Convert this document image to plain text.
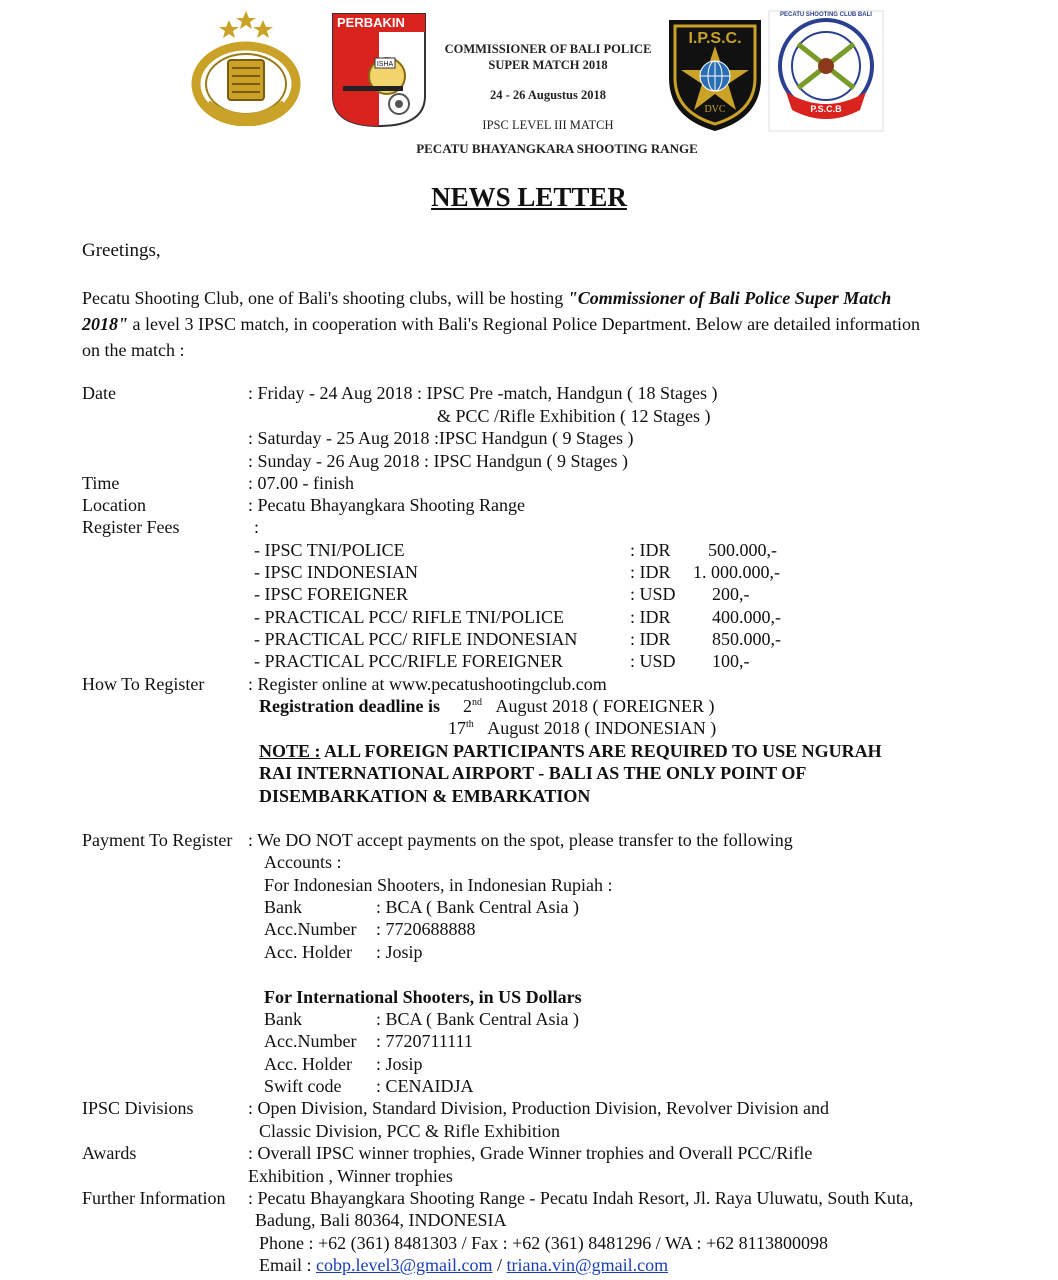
ISHA
PERBAKIN
COMMISSIONER OF BALI POLICE
SUPER MATCH 2018
24 - 26 Augustus 2018
IPSC LEVEL III MATCH
PECATU BHAYANGKARA SHOOTING RANGE
I.P.S.C.
DVC
PECATU SHOOTING CLUB BALI
P.S.C.B
NEWS LETTER
Greetings,
Pecatu Shooting Club, one of Bali's shooting clubs, will be hosting "Commissioner of Bali Police Super Match
2018" a level 3 IPSC match, in cooperation with Bali's Regional Police Department. Below are detailed information
on the match :
Date	: Friday - 24 Aug 2018 : IPSC Pre -match, Handgun ( 18 Stages )
& PCC /Rifle Exhibition ( 12 Stages )
: Saturday - 25 Aug 2018 :IPSC Handgun ( 9 Stages )
: Sunday - 26 Aug 2018 : IPSC Handgun ( 9 Stages )
Time	: 07.00 - finish
Location	: Pecatu Bhayangkara Shooting Range
Register Fees	:
- IPSC TNI/POLICE	: IDR 500.000,-
- IPSC INDONESIAN	: IDR 1. 000.000,-
- IPSC FOREIGNER	: USD 200,-
- PRACTICAL PCC/ RIFLE TNI/POLICE	: IDR 400.000,-
- PRACTICAL PCC/ RIFLE INDONESIAN	: IDR 850.000,-
- PRACTICAL PCC/RIFLE FOREIGNER	: USD 100,-
How To Register : Register online at www.pecatushootingclub.com
Registration deadline is 2nd August 2018 ( FOREIGNER )
17th August 2018 ( INDONESIAN )
NOTE : ALL FOREIGN PARTICIPANTS ARE REQUIRED TO USE NGURAH
RAI INTERNATIONAL AIRPORT - BALI AS THE ONLY POINT OF
DISEMBARKATION & EMBARKATION
Payment To Register : We DO NOT accept payments on the spot, please transfer to the following
Accounts :
For Indonesian Shooters, in Indonesian Rupiah :
Bank	: BCA ( Bank Central Asia )
Acc.Number : 7720688888
Acc. Holder : Josip
For International Shooters, in US Dollars
Bank	: BCA ( Bank Central Asia )
Acc.Number : 7720711111
Acc. Holder : Josip
Swift code : CENAIDJA
IPSC Divisions	: Open Division, Standard Division, Production Division, Revolver Division and
Classic Division, PCC & Rifle Exhibition
Awards	: Overall IPSC winner trophies, Grade Winner trophies and Overall PCC/Rifle
Exhibition , Winner trophies
Further Information : Pecatu Bhayangkara Shooting Range - Pecatu Indah Resort, Jl. Raya Uluwatu, South Kuta,
Badung, Bali 80364, INDONESIA
Phone : +62 (361) 8481303 / Fax : +62 (361) 8481296 / WA : +62 8113800098
Email : cobp.level3@gmail.com / triana.vin@gmail.com
